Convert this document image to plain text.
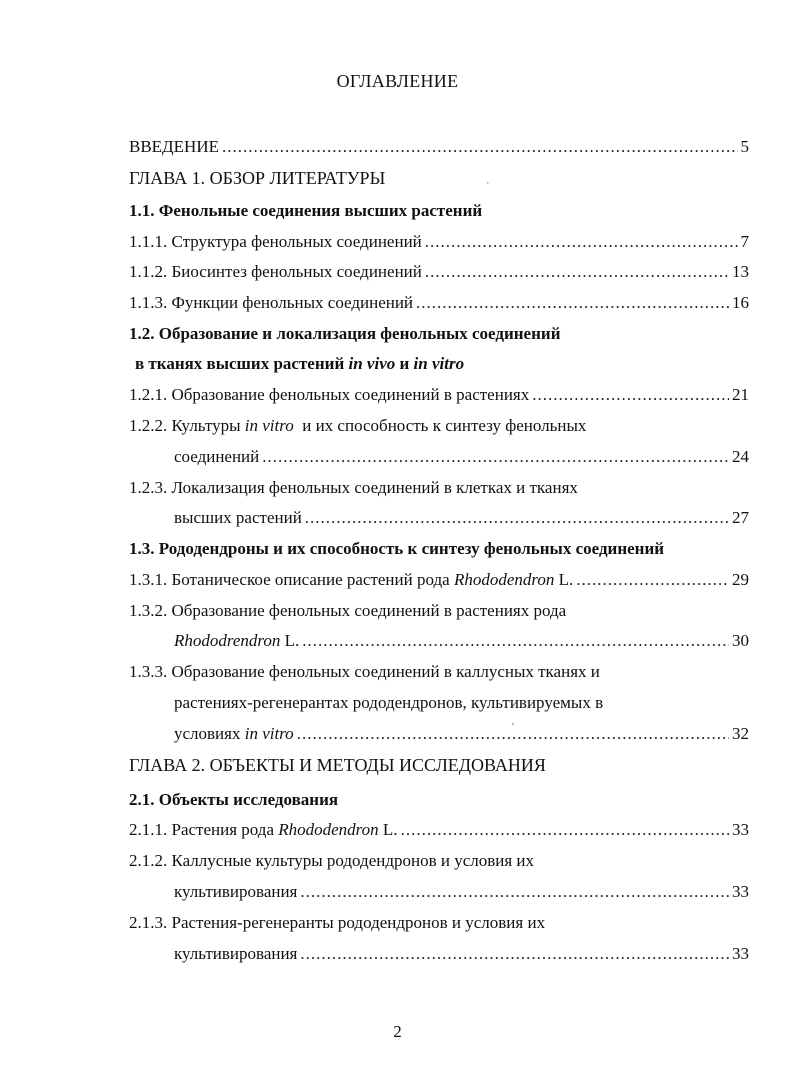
ОГЛАВЛЕНИЕ
ВВЕДЕНИЕ .....	5
ГЛАВА 1. ОБЗОР ЛИТЕРАТУРЫ	`
1.1. Фенольные соединения высших растений
1.1.1. Структура фенольных соединений .....	7
1.1.2. Биосинтез фенольных соединений .....	13
1.1.3. Функции фенольных соединений .....	16
1.2. Образование и локализация фенольных соединений
в тканях высших растений in vivo и in vitro
1.2.1. Образование фенольных соединений в растениях .....	21
1.2.2. Культуры in vitro и их способность к синтезу фенольных
соединений .....	24
1.2.3. Локализация фенольных соединений в клетках и тканях
высших растений .....	27
1.3. Рододендроны и их способность к синтезу фенольных соединений
1.3.1. Ботаническое описание растений рода Rhododendron L. .....	29
1.3.2. Образование фенольных соединений в растениях рода
Rhododrendron L. .....	30
1.3.3. Образование фенольных соединений в каллусных тканях и
растениях-регенерантах рододендронов, культивируемых в
'
условиях in vitro .....	32
ГЛАВА 2. ОБЪЕКТЫ И МЕТОДЫ ИССЛЕДОВАНИЯ
2.1. Объекты исследования
2.1.1. Растения рода Rhododendron L. .....	33
2.1.2. Каллусные культуры рододендронов и условия их
культивирования .....	33
2.1.3. Растения-регенеранты рододендронов и условия их
культивирования .....	33
2
